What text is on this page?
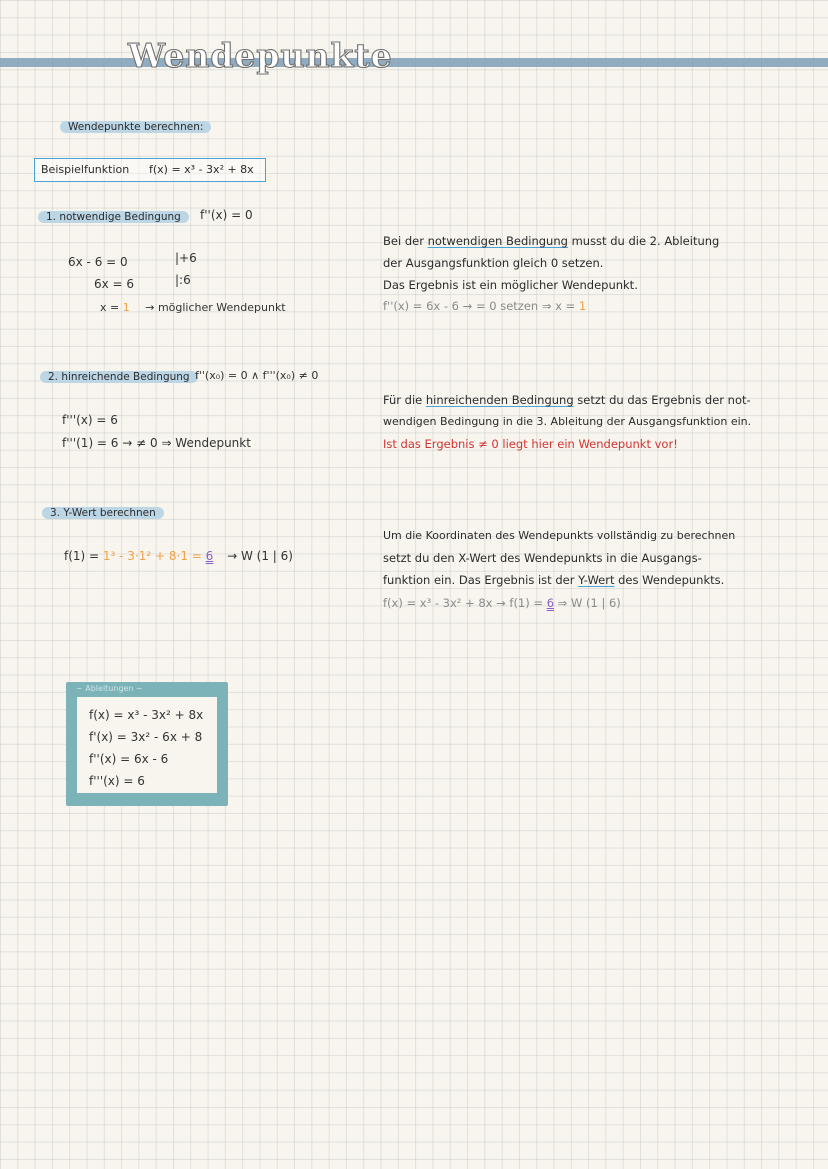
Wendepunkte
Wendepunkte berechnen:
Beispielfunktion f(x) = x³ - 3x² + 8x
1. notwendige Bedingung	f''(x) = 0
6x - 6 = 0	|+6
6x = 6	|:6
x = 1 → möglicher Wendepunkt
Bei der notwendigen Bedingung musst du die 2. Ableitung
der Ausgangsfunktion gleich 0 setzen.
Das Ergebnis ist ein möglicher Wendepunkt.
f''(x) = 6x - 6 → = 0 setzen ⇒ x = 1
2. hinreichende Bedingung f''(x₀) = 0 ∧ f'''(x₀) ≠ 0
f'''(x) = 6
f'''(1) = 6 → ≠ 0 ⇒ Wendepunkt
Für die hinreichenden Bedingung setzt du das Ergebnis der not-
wendigen Bedingung in die 3. Ableitung der Ausgangsfunktion ein.
Ist das Ergebnis ≠ 0 liegt hier ein Wendepunkt vor!
3. Y-Wert berechnen
f(1) = 1³ - 3·1² + 8·1 = 6 → W (1 | 6)
Um die Koordinaten des Wendepunkts vollständig zu berechnen
setzt du den X-Wert des Wendepunkts in die Ausgangs-
funktion ein. Das Ergebnis ist der Y-Wert des Wendepunkts.
f(x) = x³ - 3x² + 8x → f(1) = 6 ⇒ W (1 | 6)
~ Ableitungen ~
f(x) = x³ - 3x² + 8x
f'(x) = 3x² - 6x + 8
f''(x) = 6x - 6
f'''(x) = 6
